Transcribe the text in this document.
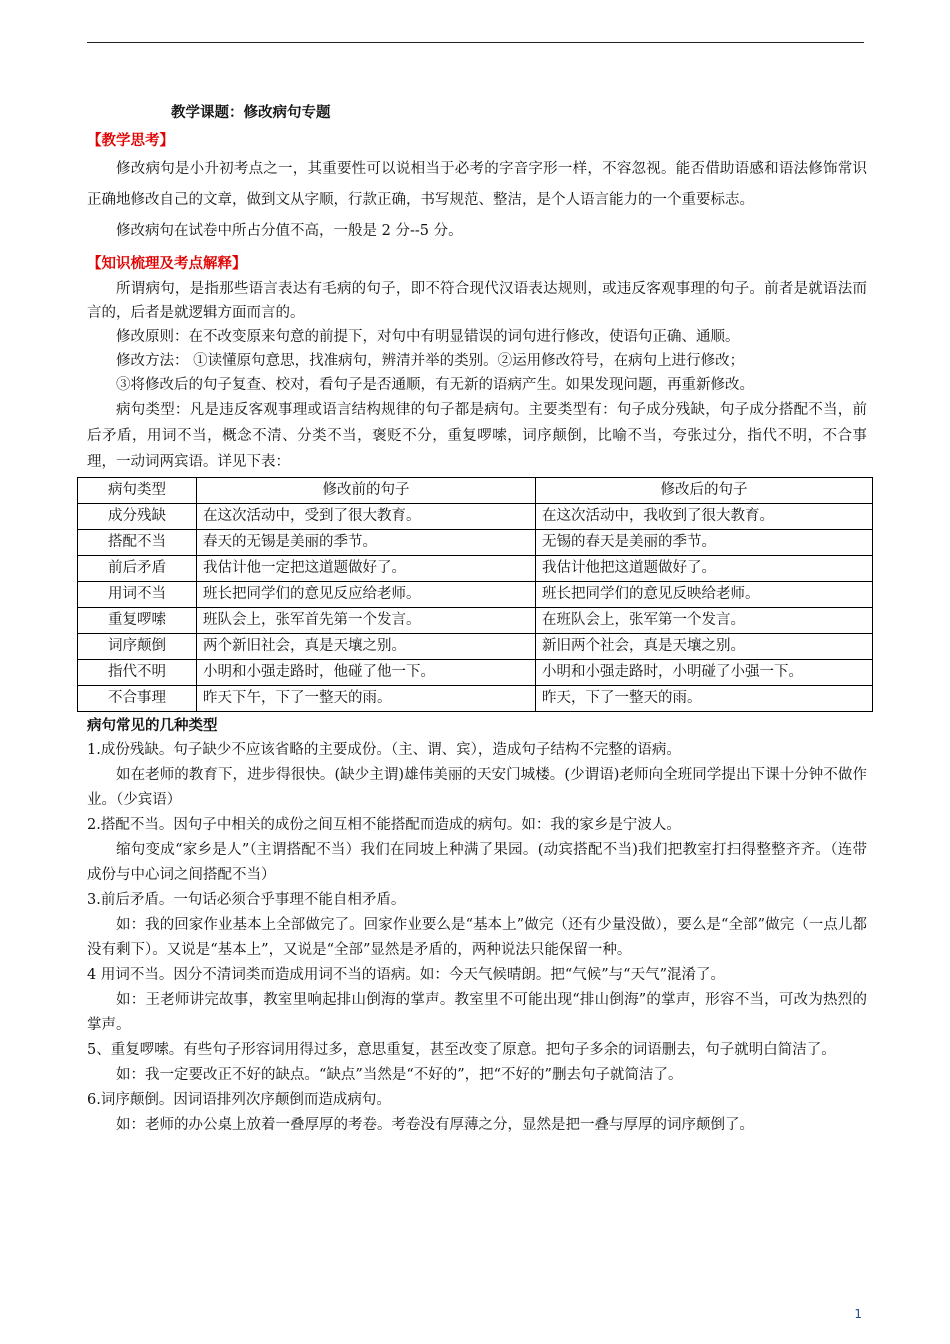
教学课题：修改病句专题
【教学思考】

修改病句是小升初考点之一，其重要性可以说相当于必考的字音字形一样，不容忽视。能否借助语感和语法修饰常识正确地修改自己的文章，做到文从字顺，行款正确，书写规范、整洁，是个人语言能力的一个重要标志。

修改病句在试卷中所占分值不高，一般是 2 分--5 分。

【知识梳理及考点解释】

所谓病句，是指那些语言表达有毛病的句子，即不符合现代汉语表达规则，或违反客观事理的句子。前者是就语法而言的，后者是就逻辑方面而言的。

修改原则：在不改变原来句意的前提下，对句中有明显错误的词句进行修改，使语句正确、通顺。

修改方法： ①读懂原句意思，找准病句，辨清并举的类别。②运用修改符号，在病句上进行修改；

③将修改后的句子复查、校对，看句子是否通顺，有无新的语病产生。如果发现问题，再重新修改。

病句类型：凡是违反客观事理或语言结构规律的句子都是病句。主要类型有：句子成分残缺，句子成分搭配不当，前后矛盾，用词不当，概念不清、分类不当，褒贬不分，重复啰嗦，词序颠倒，比喻不当，夸张过分，指代不明，不合事理，一动词两宾语。详见下表：

病句类型	修改前的句子	修改后的句子
成分残缺	在这次活动中，受到了很大教育。	在这次活动中，我收到了很大教育。
搭配不当	春天的无锡是美丽的季节。	无锡的春天是美丽的季节。
前后矛盾	我估计他一定把这道题做好了。	我估计他把这道题做好了。
用词不当	班长把同学们的意见反应给老师。	班长把同学们的意见反映给老师。
重复啰嗦	班队会上，张军首先第一个发言。	在班队会上，张军第一个发言。
词序颠倒	两个新旧社会，真是天壤之别。	新旧两个社会，真是天壤之别。
指代不明	小明和小强走路时，他碰了他一下。	小明和小强走路时，小明碰了小强一下。
不合事理	昨天下午，下了一整天的雨。	昨天，下了一整天的雨。
病句常见的几种类型

1.成份残缺。句子缺少不应该省略的主要成份。（主、谓、宾），造成句子结构不完整的语病。

如在老师的教育下，进步得很快。(缺少主谓)雄伟美丽的天安门城楼。(少谓语)老师向全班同学提出下课十分钟不做作业。（少宾语）

2.搭配不当。因句子中相关的成份之间互相不能搭配而造成的病句。如：我的家乡是宁波人。

缩句变成“家乡是人”（主谓搭配不当）我们在同坡上种满了果园。(动宾搭配不当)我们把教室打扫得整整齐齐。（连带成份与中心词之间搭配不当）

3.前后矛盾。一句话必须合乎事理不能自相矛盾。

如：我的回家作业基本上全部做完了。回家作业要么是“基本上”做完（还有少量没做），要么是“全部”做完（一点儿都没有剩下）。又说是“基本上”，又说是“全部”显然是矛盾的，两种说法只能保留一种。

4 用词不当。因分不清词类而造成用词不当的语病。如：今天气候晴朗。把“气候”与“天气”混淆了。

如：王老师讲完故事，教室里响起排山倒海的掌声。教室里不可能出现“排山倒海”的掌声，形容不当，可改为热烈的掌声。

5、重复啰嗦。有些句子形容词用得过多，意思重复，甚至改变了原意。把句子多余的词语删去，句子就明白简洁了。

如：我一定要改正不好的缺点。“缺点”当然是“不好的”，把“不好的”删去句子就简洁了。

6.词序颠倒。因词语排列次序颠倒而造成病句。

如：老师的办公桌上放着一叠厚厚的考卷。考卷没有厚薄之分，显然是把一叠与厚厚的词序颠倒了。

1
